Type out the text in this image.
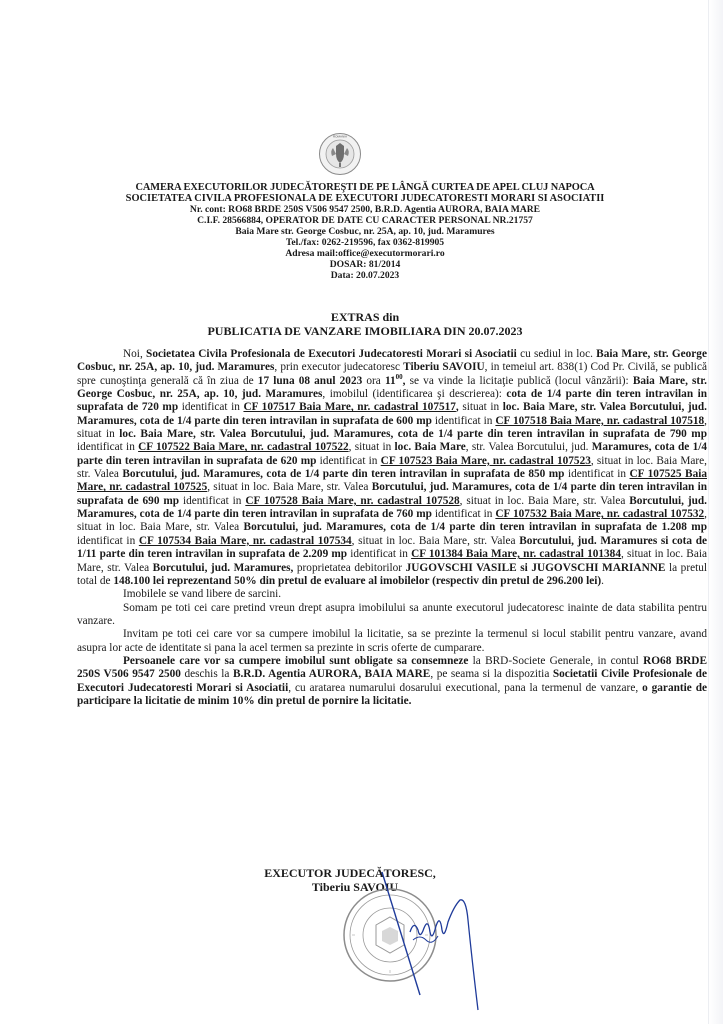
ROMANIA
CAMERA EXECUTORILOR JUDECĂTOREŞTI DE PE LÂNGĂ CURTEA DE APEL CLUJ NAPOCA
SOCIETATEA CIVILA PROFESIONALA DE EXECUTORI JUDECATORESTI MORARI SI ASOCIATII
Nr. cont: RO68 BRDE 250S V506 9547 2500, B.R.D. Agentia AURORA, BAIA MARE
C.I.F. 28566884, OPERATOR DE DATE CU CARACTER PERSONAL NR.21757
Baia Mare str. George Cosbuc, nr. 25A, ap. 10, jud. Maramures
Tel./fax: 0262-219596, fax 0362-819905
Adresa mail:office@executormorari.ro
DOSAR: 81/2014
Data: 20.07.2023
EXTRAS din
PUBLICATIA DE VANZARE IMOBILIARA DIN 20.07.2023

Noi, Societatea Civila Profesionala de Executori Judecatoresti Morari si Asociatii cu sediul in loc. Baia Mare, str. George Cosbuc, nr. 25A, ap. 10, jud. Maramures, prin executor judecatoresc Tiberiu SAVOIU, in temeiul art. 838(1) Cod Pr. Civilă, se publică spre cunoştinţa generală că în ziua de 17 luna 08 anul 2023 ora $11^{00}$, se va vinde la licitaţie publică (locul vânzării): Baia Mare, str. George Cosbuc, nr. 25A, ap. 10, jud. Maramures, imobilul (identificarea şi descrierea): cota de 1/4 parte din teren intravilan in suprafata de 720 mp identificat in CF 107517 Baia Mare, nr. cadastral 107517, situat in loc. Baia Mare, str. Valea Borcutului, jud. Maramures, cota de 1/4 parte din teren intravilan in suprafata de 600 mp identificat in CF 107518 Baia Mare, nr. cadastral 107518, situat in loc. Baia Mare, str. Valea Borcutului, jud. Maramures, cota de 1/4 parte din teren intravilan in suprafata de 790 mp identificat in CF 107522 Baia Mare, nr. cadastral 107522, situat in loc. Baia Mare, str. Valea Borcutului, jud. Maramures, cota de 1/4 parte din teren intravilan in suprafata de 620 mp identificat in CF 107523 Baia Mare, nr. cadastral 107523, situat in loc. Baia Mare, str. Valea Borcutului, jud. Maramures, cota de 1/4 parte din teren intravilan in suprafata de 850 mp identificat in CF 107525 Baia Mare, nr. cadastral 107525, situat in loc. Baia Mare, str. Valea Borcutului, jud. Maramures, cota de 1/4 parte din teren intravilan in suprafata de 690 mp identificat in CF 107528 Baia Mare, nr. cadastral 107528, situat in loc. Baia Mare, str. Valea Borcutului, jud. Maramures, cota de 1/4 parte din teren intravilan in suprafata de 760 mp identificat in CF 107532 Baia Mare, nr. cadastral 107532, situat in loc. Baia Mare, str. Valea Borcutului, jud. Maramures, cota de 1/4 parte din teren intravilan in suprafata de 1.208 mp identificat in CF 107534 Baia Mare, nr. cadastral 107534, situat in loc. Baia Mare, str. Valea Borcutului, jud. Maramures si cota de 1/11 parte din teren intravilan in suprafata de 2.209 mp identificat in CF 101384 Baia Mare, nr. cadastral 101384, situat in loc. Baia Mare, str. Valea Borcutului, jud. Maramures, proprietatea debitorilor JUGOVSCHI VASILE si JUGOVSCHI MARIANNE la pretul total de 148.100 lei reprezentand 50% din pretul de evaluare al imobilelor (respectiv din pretul de 296.200 lei).

Imobilele se vand libere de sarcini.

Somam pe toti cei care pretind vreun drept asupra imobilului sa anunte executorul judecatoresc inainte de data stabilita pentru vanzare.

Invitam pe toti cei care vor sa cumpere imobilul la licitatie, sa se prezinte la termenul si locul stabilit pentru vanzare, avand asupra lor acte de identitate si pana la acel termen sa prezinte in scris oferte de cumparare.

Persoanele care vor sa cumpere imobilul sunt obligate sa consemneze la BRD-Societe Generale, in contul RO68 BRDE 250S V506 9547 2500 deschis la B.R.D. Agentia AURORA, BAIA MARE, pe seama si la dispozitia Societatii Civile Profesionale de Executori Judecatoresti Morari si Asociatii, cu aratarea numarului dosarului executional, pana la termenul de vanzare, o garantie de participare la licitatie de minim 10% din pretul de pornire la licitatie.

EXECUTOR JUDECĂTORESC,
Tiberiu SAVOIU
